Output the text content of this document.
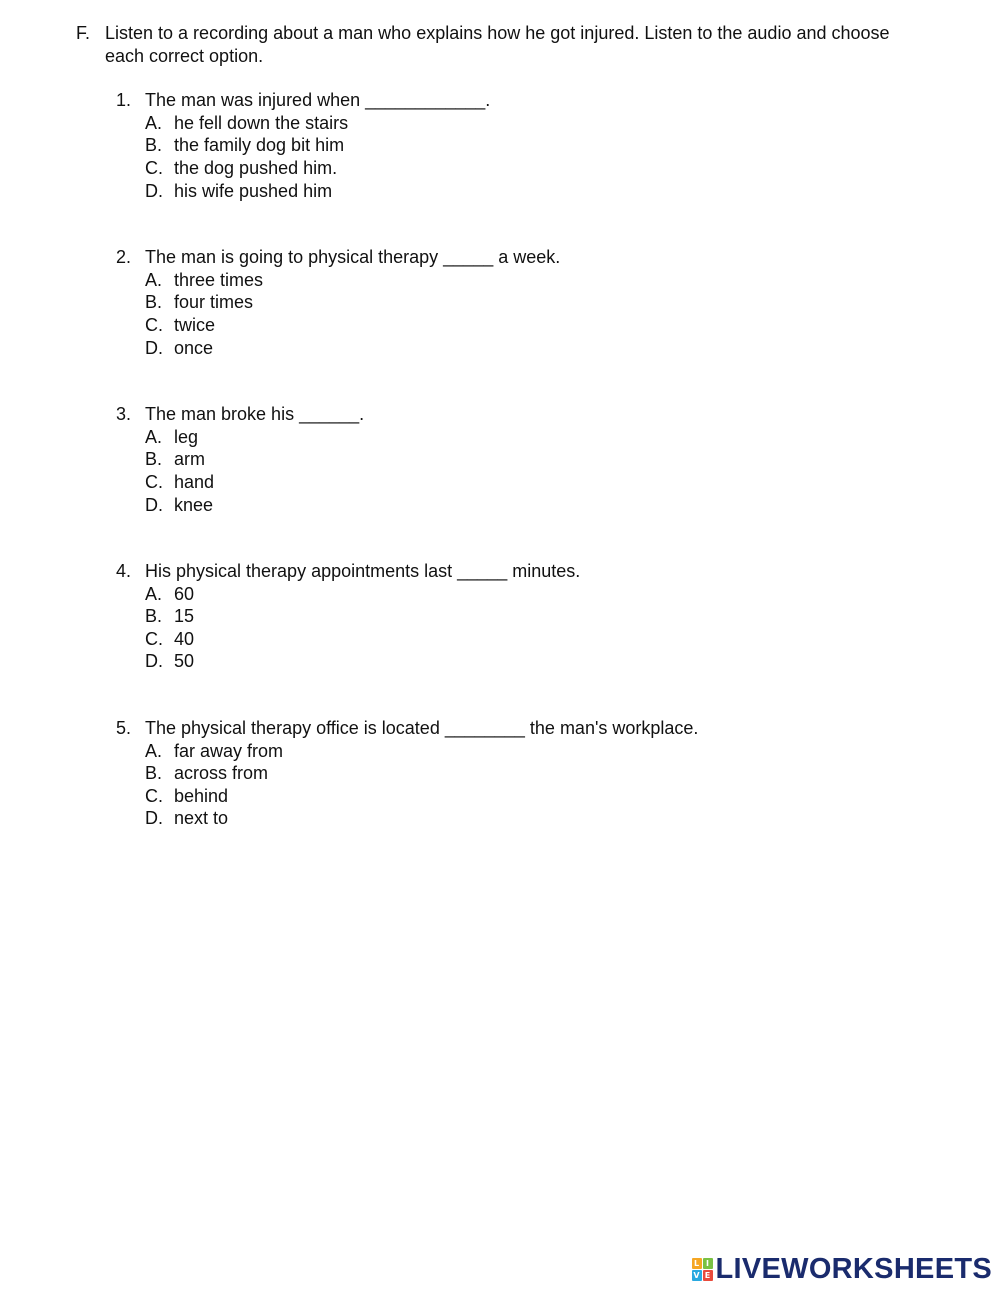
F. Listen to a recording about a man who explains how he got injured. Listen to the audio and choose each correct option.
1. The man was injured when ____________.
A. he fell down the stairs
B. the family dog bit him
C. the dog pushed him.
D. his wife pushed him
2. The man is going to physical therapy _____ a week.
A. three times
B. four times
C. twice
D. once
3. The man broke his ______.
A. leg
B. arm
C. hand
D. knee
4. His physical therapy appointments last _____ minutes.
A. 60
B. 15
C. 40
D. 50
5. The physical therapy office is located ________ the man's workplace.
A. far away from
B. across from
C. behind
D. next to
L I
V E LIVEWORKSHEETS
